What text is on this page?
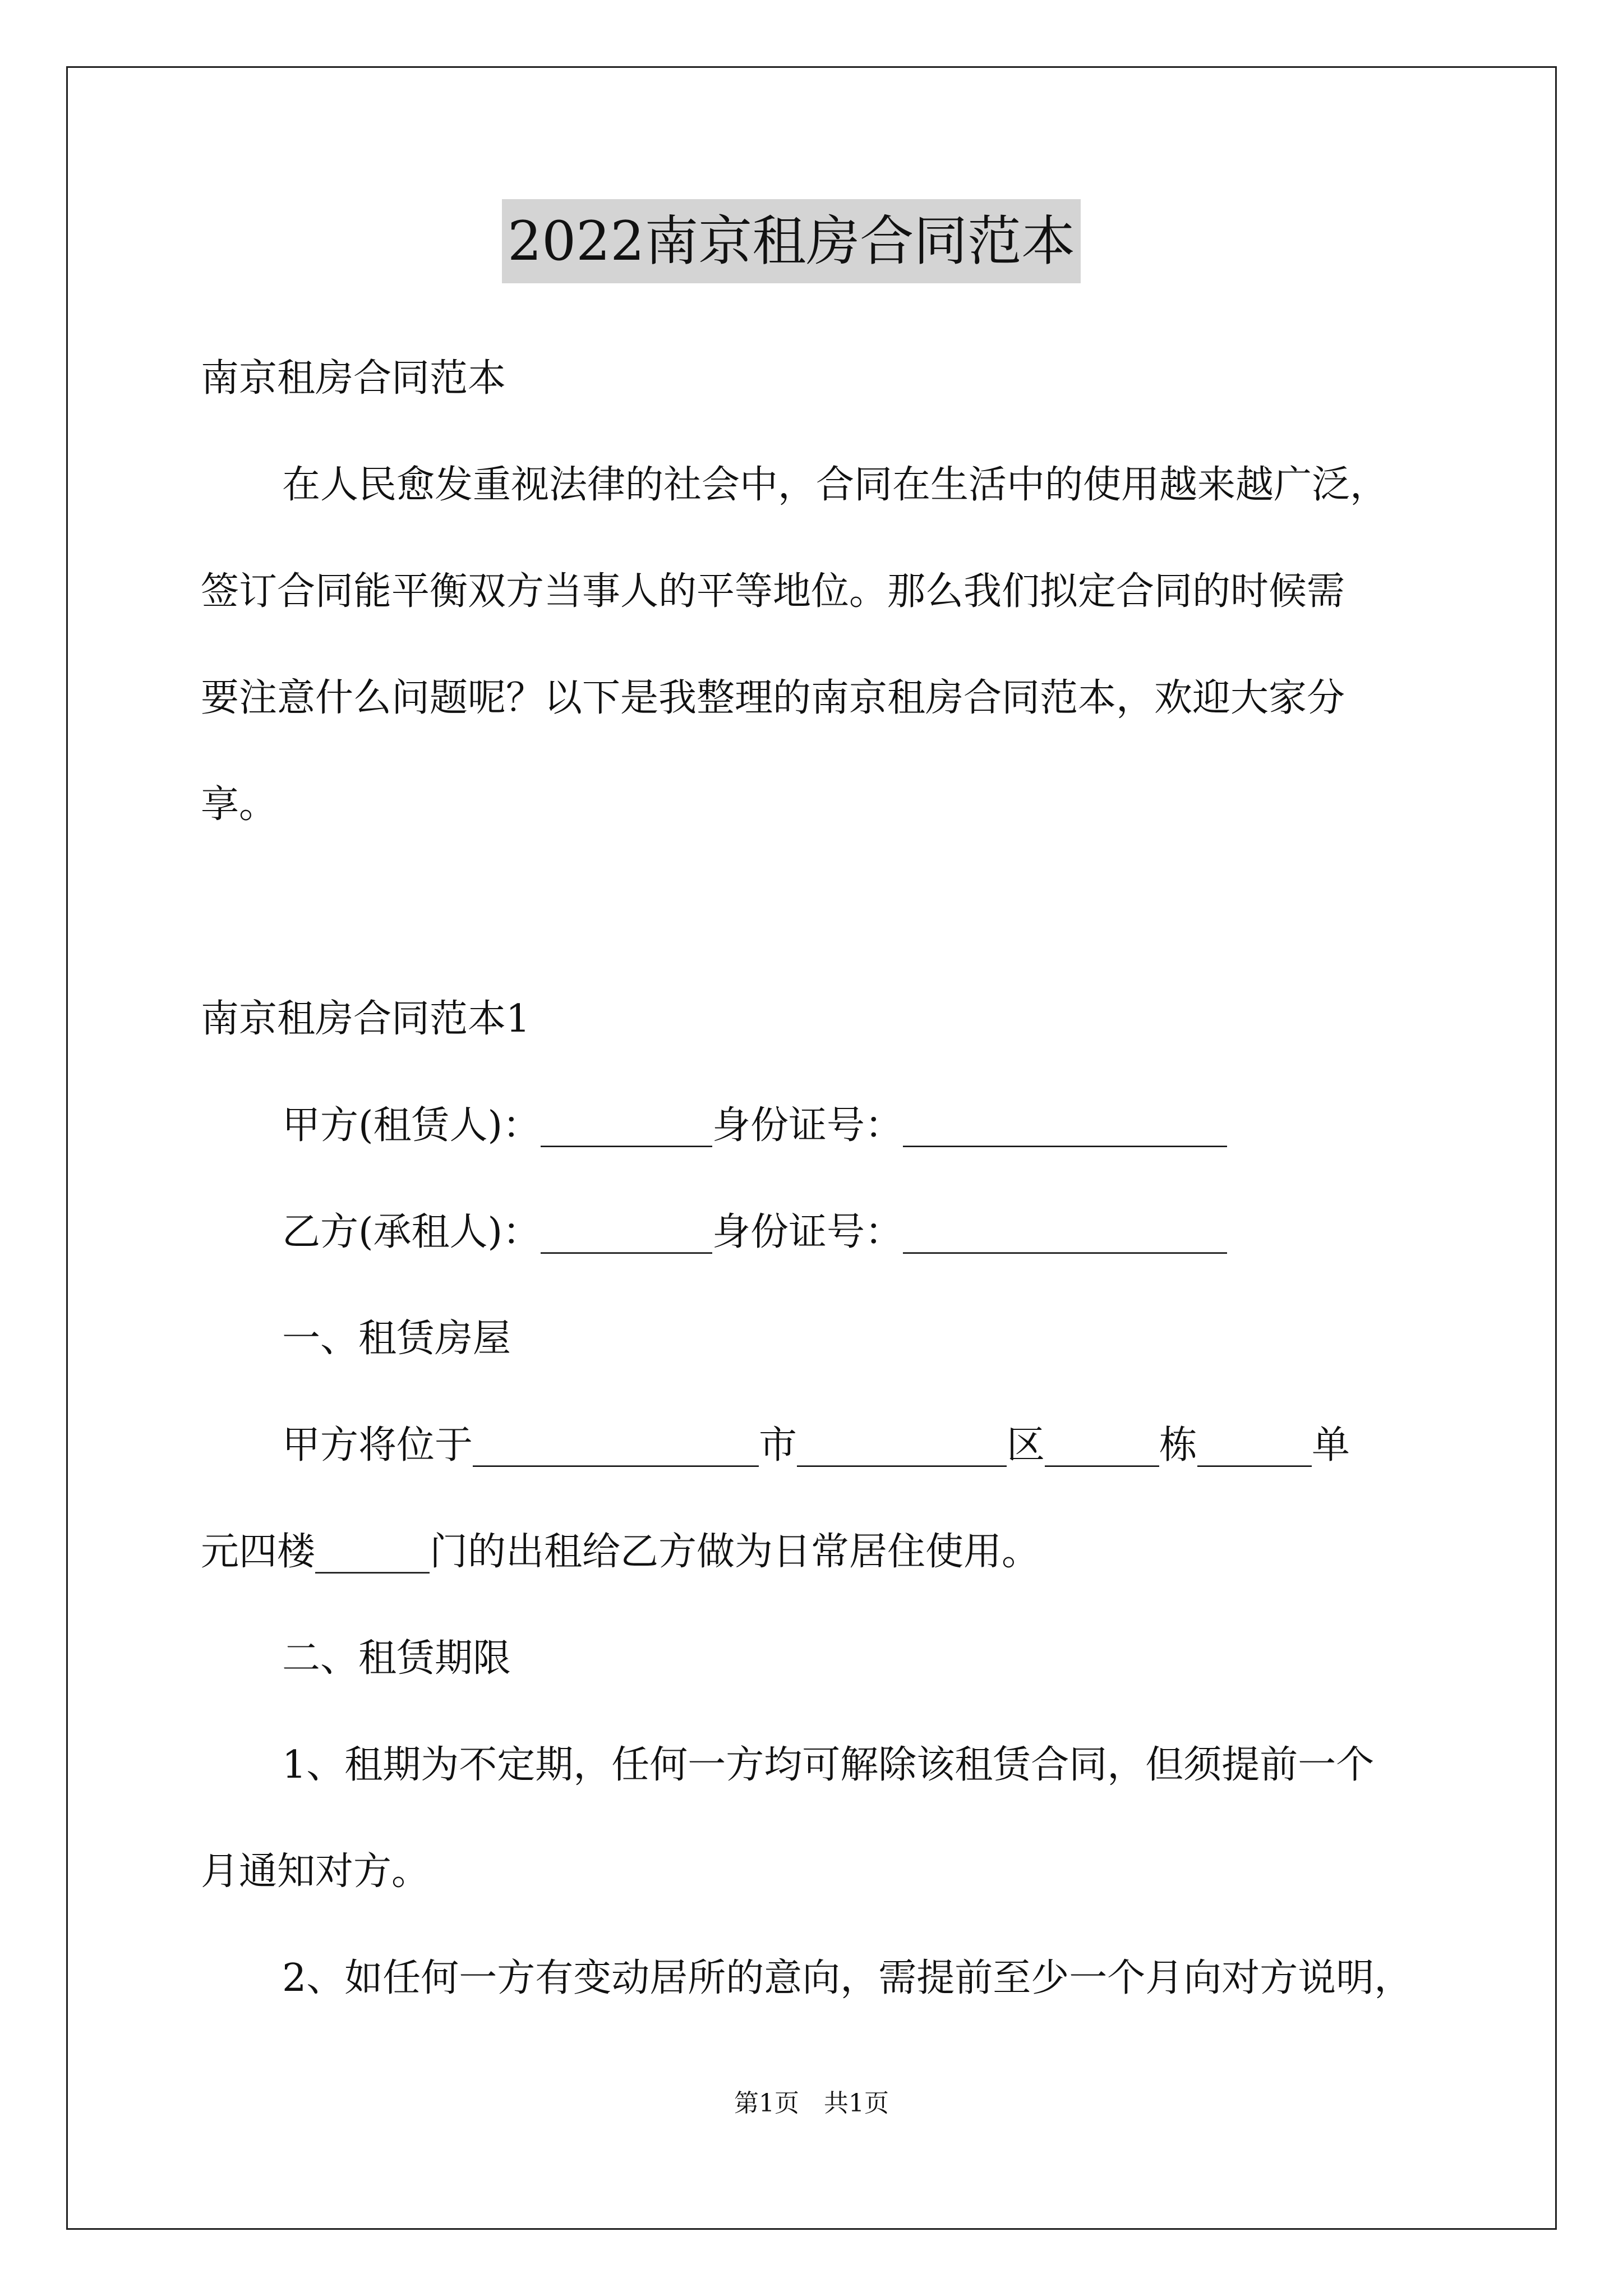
2022南京租房合同范本
南京租房合同范本
在人民愈发重视法律的社会中，合同在生活中的使用越来越广泛，
签订合同能平衡双方当事人的平等地位。那么我们拟定合同的时候需
要注意什么问题呢？以下是我整理的南京租房合同范本，欢迎大家分
享。
南京租房合同范本1
甲方(租赁人)：_________身份证号：_________________
乙方(承租人)：_________身份证号：_________________
一、租赁房屋
甲方将位于_______________市___________区______栋______单
元四楼______门的出租给乙方做为日常居住使用。
二、租赁期限
1、租期为不定期，任何一方均可解除该租赁合同，但须提前一个
月通知对方。
2、如任何一方有变动居所的意向，需提前至少一个月向对方说明，
第1页 共1页
